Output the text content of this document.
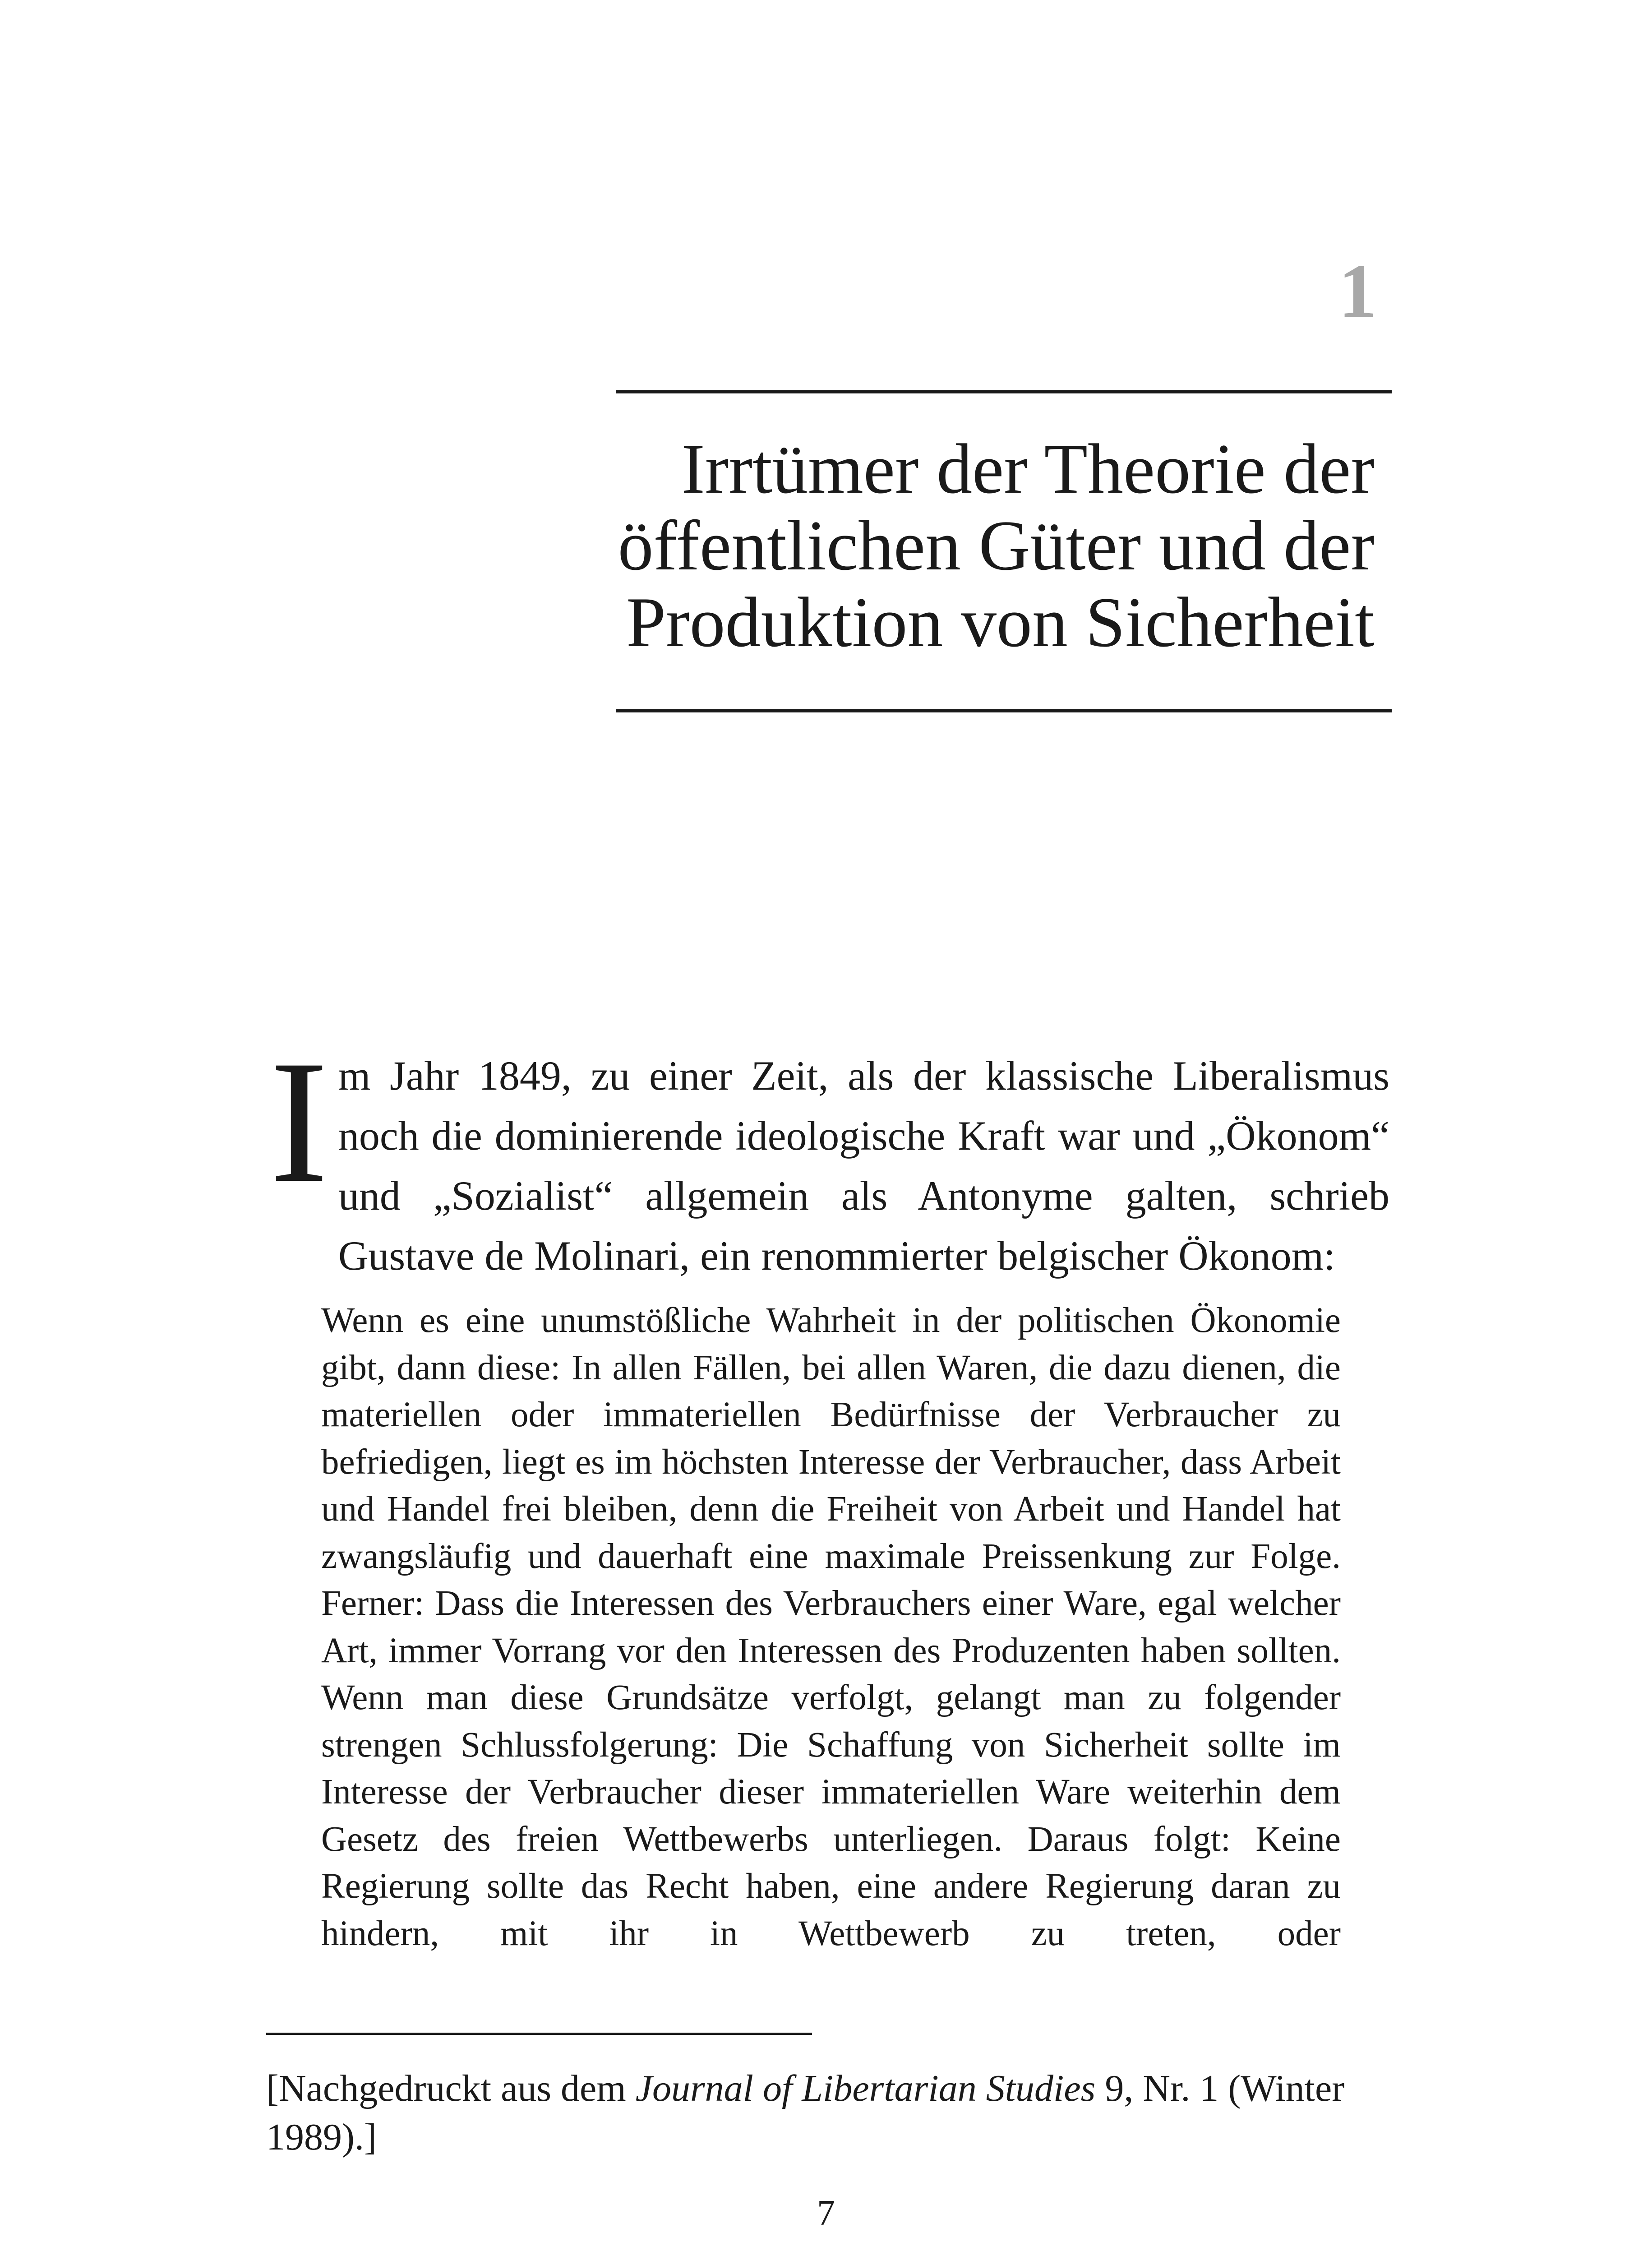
1
Irrtümer der Theorie der
öffentlichen Güter und der
Produktion von Sicherheit

Im Jahr 1849, zu einer Zeit, als der klassische Liberalismus noch die dominierende ideologische Kraft war und „Ökonom“ und „Sozialist“ allgemein als Antonyme galten, schrieb Gustave de Molinari, ein renommierter belgischer Ökonom:

Wenn es eine unumstößliche Wahrheit in der politischen Ökonomie gibt, dann diese: In allen Fällen, bei allen Waren, die dazu dienen, die materiellen oder immateriellen Bedürfnisse der Verbraucher zu befriedigen, liegt es im höchsten Interesse der Verbraucher, dass Arbeit und Handel frei bleiben, denn die Freiheit von Arbeit und Handel hat zwangsläufig und dauerhaft eine maximale Preissenkung zur Folge. Ferner: Dass die Interessen des Verbrauchers einer Ware, egal welcher Art, immer Vorrang vor den Interessen des Produzenten haben sollten. Wenn man diese Grundsätze verfolgt, gelangt man zu folgender strengen Schlussfolgerung: Die Schaffung von Sicherheit sollte im Interesse der Verbraucher dieser immateriellen Ware weiterhin dem Gesetz des freien Wettbewerbs unterliegen. Daraus folgt: Keine Regierung sollte das Recht haben, eine andere Regierung daran zu hindern, mit ihr in Wettbewerb zu treten, oder

[Nachgedruckt aus dem Journal of Libertarian Studies 9, Nr. 1 (Winter 1989).]

7
